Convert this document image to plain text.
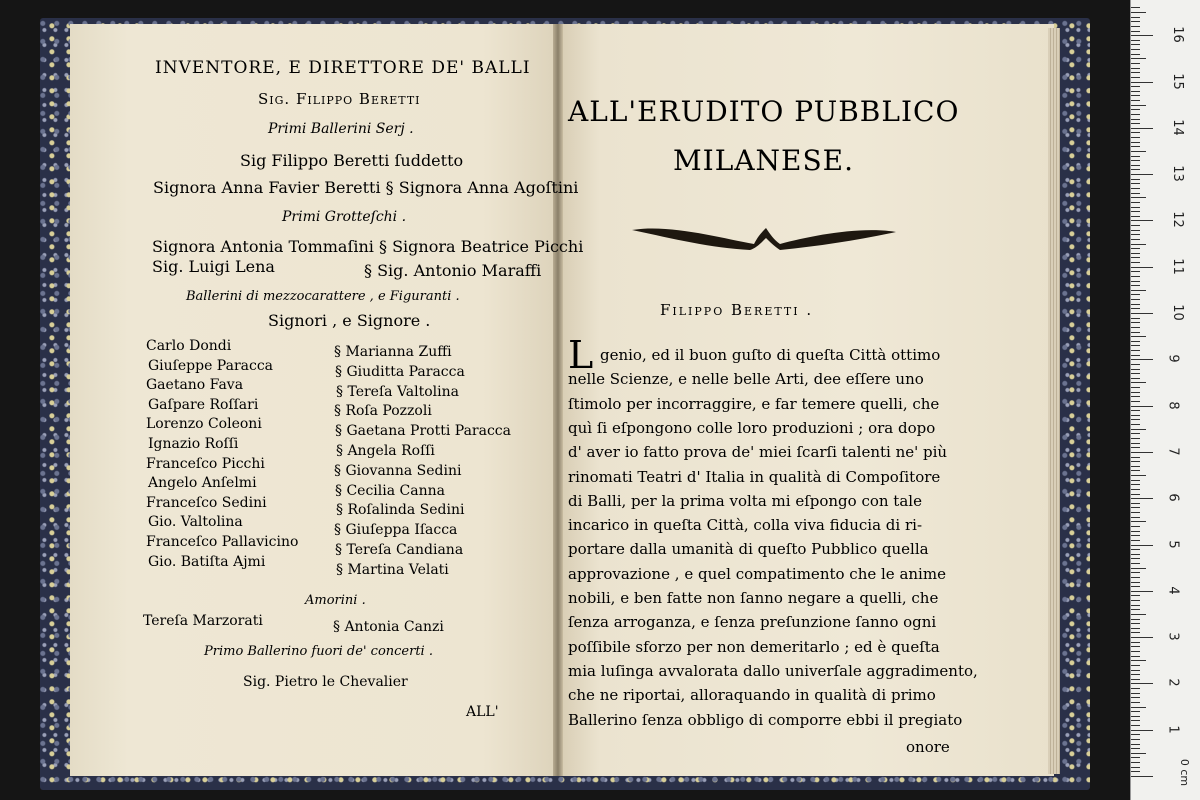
INVENTORE, E DIRETTORE DE' BALLI
Sig. Filippo Beretti
Primi Ballerini Serj .
Sig Filippo Beretti ſuddetto
Signora Anna Favier Beretti § Signora Anna Agoſtini
Primi Grotteſchi .
Signora Antonia Tommaſini § Signora Beatrice Picchi
Sig. Luigi Lena	§ Sig. Antonio Maraffi
Ballerini di mezzocarattere , e Figuranti .
Signori , e Signore .
Carlo Dondi
Giuſeppe Paracca
Gaetano Fava
Gaſpare Roſſari
Lorenzo Coleoni
Ignazio Roſſi
Franceſco Picchi
Angelo Anſelmi
Franceſco Sedini
Gio. Valtolina
Franceſco Pallavicino
Gio. Batiſta Ajmi
§ Marianna Zuffi
§ Giuditta Paracca
§ Tereſa Valtolina
§ Roſa Pozzoli
§ Gaetana Protti Paracca
§ Angela Roſſi
§ Giovanna Sedini
§ Cecilia Canna
§ Roſalinda Sedini
§ Giuſeppa Iſacca
§ Tereſa Candiana
§ Martina Velati
Amorini .
Tereſa Marzorati	§ Antonia Canzi
Primo Ballerino fuori de' concerti .
Sig. Pietro le Chevalier
ALL'
ALL'ERUDITO PUBBLICO
MILANESE.
Filippo Beretti .
L genio, ed il buon guſto di queſta Città ottimo
nelle Scienze, e nelle belle Arti, dee eſſere uno
ſtimolo per incorraggire, e far temere quelli, che
quì ſi eſpongono colle loro produzioni ; ora dopo
d' aver io fatto prova de' miei ſcarſi talenti ne' più
rinomati Teatri d' Italia in qualità di Compoſitore
di Balli, per la prima volta mi eſpongo con tale
incarico in queſta Città, colla viva fiducia di ri-
portare dalla umanità di queſto Pubblico quella
approvazione , e quel compatimento che le anime
nobili, e ben fatte non ſanno negare a quelli, che
ſenza arroganza, e ſenza preſunzione ſanno ogni
poſſibile sforzo per non demeritarlo ; ed è queſta
mia luſinga avvalorata dallo univerſale aggradimento,
che ne riportai, alloraquando in qualità di primo
Ballerino ſenza obbligo di comporre ebbi il pregiato
onore
0 cm
1
2
3
4
5
6
7
8
9
10
11
12
13
14
15
16
